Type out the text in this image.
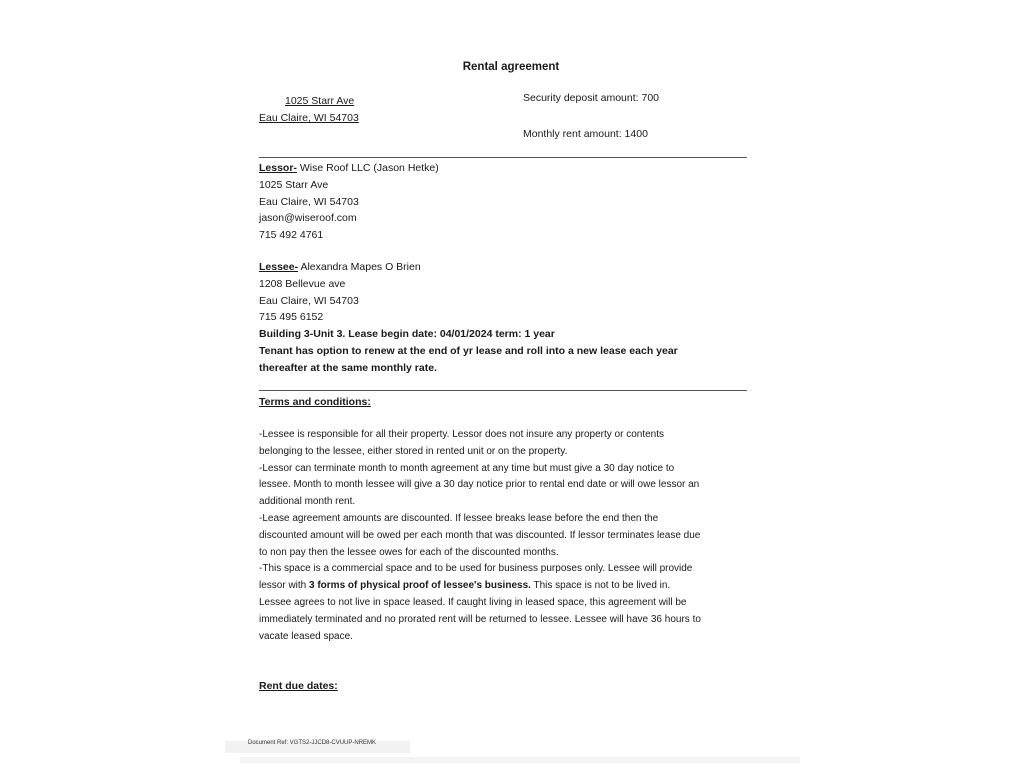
Rental agreement
1025 Starr Ave
Eau Claire, WI 54703
Security deposit amount: 700
Monthly rent amount: 1400
Lessor- Wise Roof LLC (Jason Hetke)
1025 Starr Ave
Eau Claire, WI 54703
jason@wiseroof.com
715 492 4761
Lessee- Alexandra Mapes O Brien
1208 Bellevue ave
Eau Claire, WI 54703
715 495 6152
Building 3-Unit 3. Lease begin date: 04/01/2024 term: 1 year
Tenant has option to renew at the end of yr lease and roll into a new lease each year
thereafter at the same monthly rate.
Terms and conditions:
-Lessee is responsible for all their property. Lessor does not insure any property or contents
belonging to the lessee, either stored in rented unit or on the property.
-Lessor can terminate month to month agreement at any time but must give a 30 day notice to
lessee. Month to month lessee will give a 30 day notice prior to rental end date or will owe lessor an
additional month rent.
-Lease agreement amounts are discounted. If lessee breaks lease before the end then the
discounted amount will be owed per each month that was discounted. If lessor terminates lease due
to non pay then the lessee owes for each of the discounted months.
-This space is a commercial space and to be used for business purposes only. Lessee will provide
lessor with 3 forms of physical proof of lessee's business. This space is not to be lived in.
Lessee agrees to not live in space leased. If caught living in leased space, this agreement will be
immediately terminated and no prorated rent will be returned to lessee. Lessee will have 36 hours to
vacate leased space.
Rent due dates:
Document Ref: VGTS2-JJCD8-CVUUP-NREMK
